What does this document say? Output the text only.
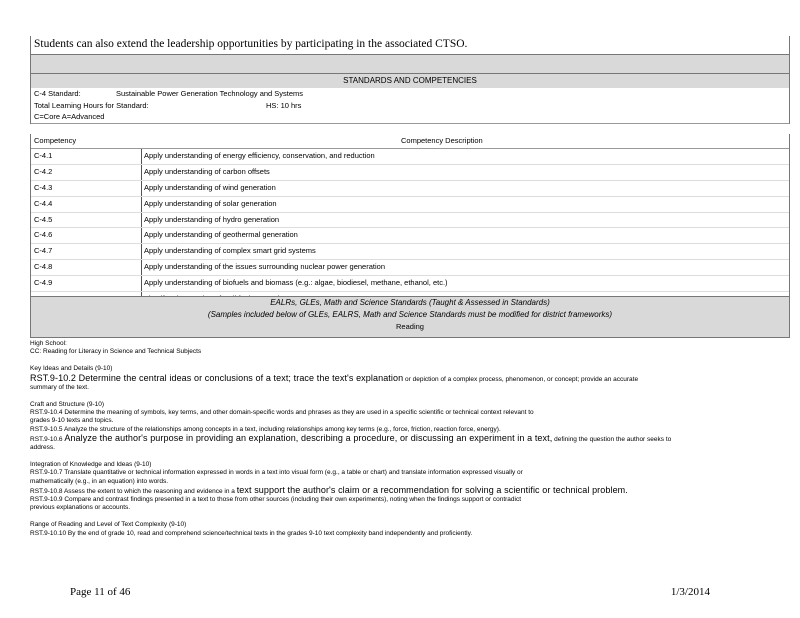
Students can also extend the leadership opportunities by participating in the associated CTSO.
STANDARDS AND COMPETENCIES
C-4 Standard:	Sustainable Power Generation Technology and Systems
Total Learning Hours for Standard:	HS: 10 hrs
C=Core A=Advanced
Competency	Competency Description
C-4.1	Apply understanding of energy efficiency, conservation, and reduction
C-4.2	Apply understanding of carbon offsets
C-4.3	Apply understanding of wind generation
C-4.4	Apply understanding of solar generation
C-4.5	Apply understanding of hydro generation
C-4.6	Apply understanding of geothermal generation
C-4.7	Apply understanding of complex smart grid systems
C-4.8	Apply understanding of the issues surrounding nuclear power generation
C-4.9	Apply understanding of biofuels and biomass (e.g.: algae, biodiesel, methane, ethanol, etc.)
EALRs, GLEs, Math and Science Standards (Taught & Assessed in Standards)
(Samples included below of GLEs, EALRS, Math and Science Standards must be modified for district frameworks)
Reading

High School:

CC: Reading for Literacy in Science and Technical Subjects

Key Ideas and Details (9-10)

RST.9-10.2 Determine the central ideas or conclusions of a text; trace the text's explanation or depiction of a complex process, phenomenon, or concept; provide an accurate

summary of the text.

Craft and Structure (9-10)

RST.9-10.4 Determine the meaning of symbols, key terms, and other domain-specific words and phrases as they are used in a specific scientific or technical context relevant to

grades 9-10 texts and topics.

RST.9-10.5 Analyze the structure of the relationships among concepts in a text, including relationships among key terms (e.g., force, friction, reaction force, energy).

RST.9-10.6 Analyze the author's purpose in providing an explanation, describing a procedure, or discussing an experiment in a text, defining the question the author seeks to

address.

Integration of Knowledge and Ideas (9-10)

RST.9-10.7 Translate quantitative or technical information expressed in words in a text into visual form (e.g., a table or chart) and translate information expressed visually or

mathematically (e.g., in an equation) into words.

RST.9-10.8 Assess the extent to which the reasoning and evidence in a text support the author's claim or a recommendation for solving a scientific or technical problem.

RST.9-10.9 Compare and contrast findings presented in a text to those from other sources (including their own experiments), noting when the findings support or contradict

previous explanations or accounts.

Range of Reading and Level of Text Complexity (9-10)

RST.9-10.10 By the end of grade 10, read and comprehend science/technical texts in the grades 9-10 text complexity band independently and proficiently.

Page 11 of 46	1/3/2014
